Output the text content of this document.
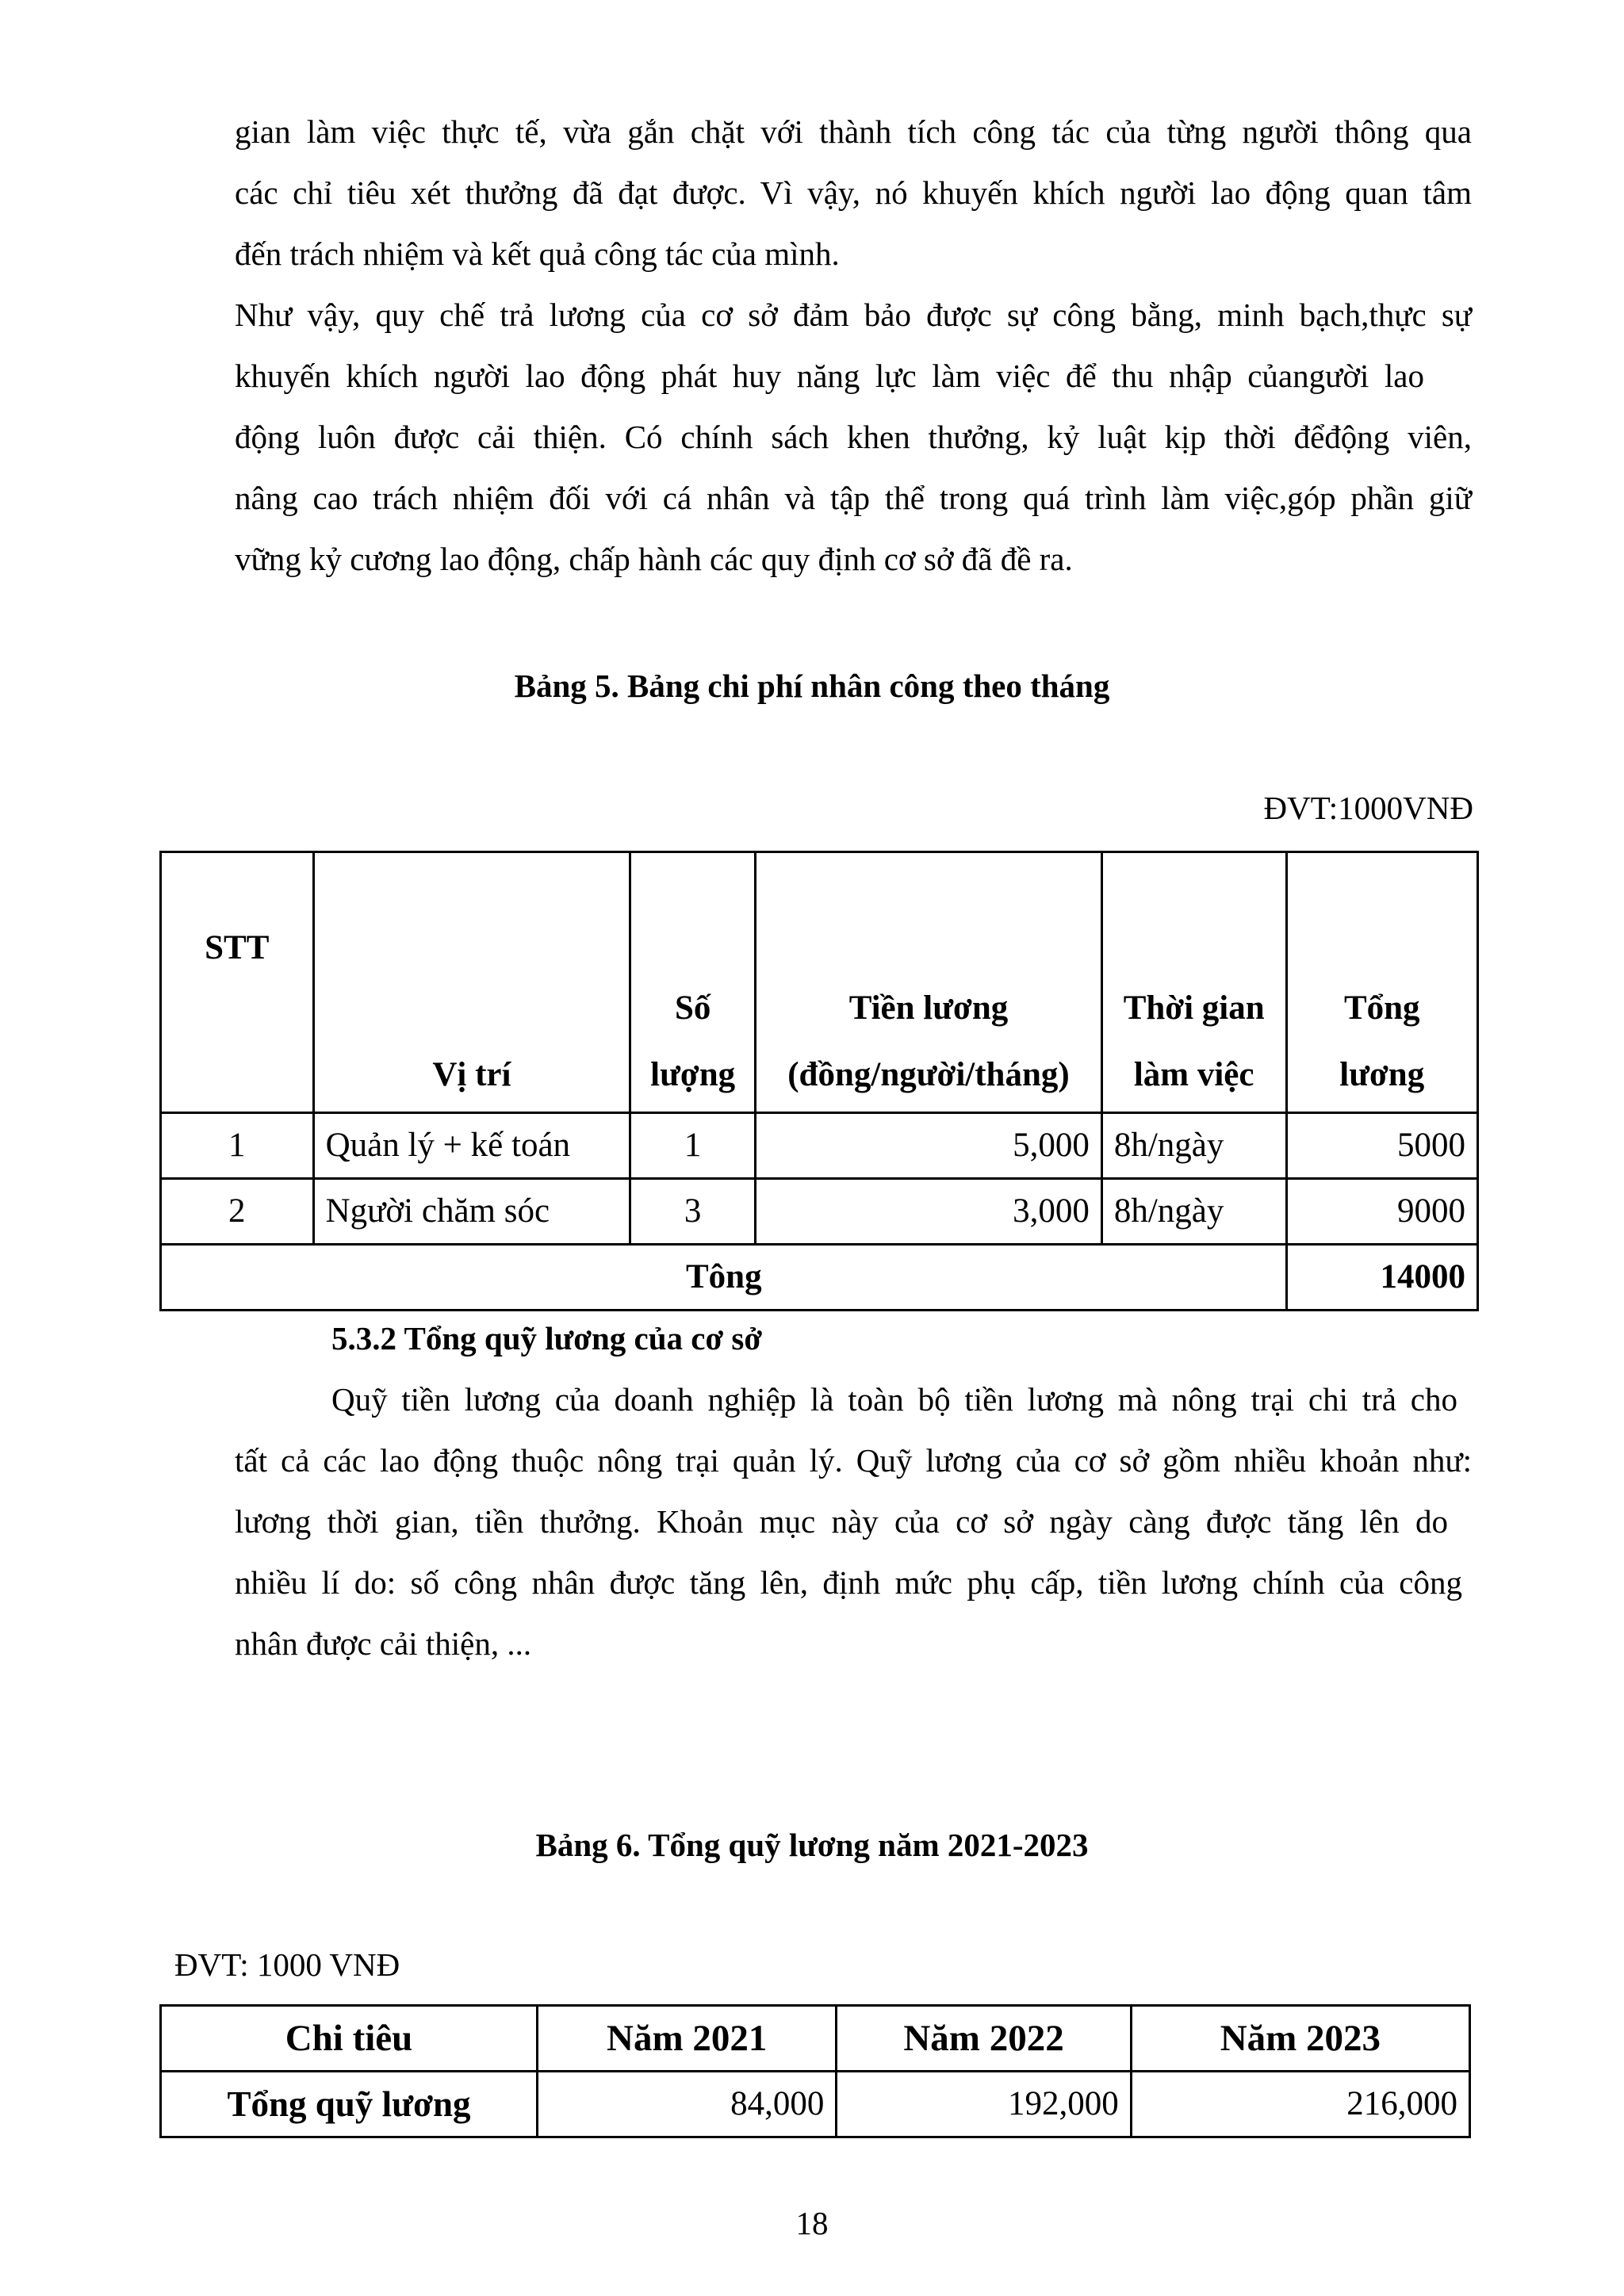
gian làm việc thực tế, vừa gắn chặt với thành tích công tác của từng người thông qua
các chỉ tiêu xét thưởng đã đạt được. Vì vậy, nó khuyến khích người lao động quan tâm
đến trách nhiệm và kết quả công tác của mình.
Như vậy, quy chế trả lương của cơ sở đảm bảo được sự công bằng, minh bạch,thực sự
khuyến khích người lao động phát huy năng lực làm việc để thu nhập củangười lao
động luôn được cải thiện. Có chính sách khen thưởng, kỷ luật kịp thời đểđộng viên,
nâng cao trách nhiệm đối với cá nhân và tập thể trong quá trình làm việc,góp phần giữ
vững kỷ cương lao động, chấp hành các quy định cơ sở đã đề ra.
Bảng 5. Bảng chi phí nhân công theo tháng
ĐVT:1000VNĐ
STT	Vị trí	Số lượng	Tiền lương (đồng/người/tháng)	Thời gian làm việc	Tổng lương
1	Quản lý + kế toán	1	5,000	8h/ngày	5000
2	Người chăm sóc	3	3,000	8h/ngày	9000
Tông					14000
5.3.2 Tổng quỹ lương của cơ sở
Quỹ tiền lương của doanh nghiệp là toàn bộ tiền lương mà nông trại chi trả cho
tất cả các lao động thuộc nông trại quản lý. Quỹ lương của cơ sở gồm nhiều khoản như:
lương thời gian, tiền thưởng. Khoản mục này của cơ sở ngày càng được tăng lên do
nhiều lí do: số công nhân được tăng lên, định mức phụ cấp, tiền lương chính của công
nhân được cải thiện, ...
Bảng 6. Tổng quỹ lương năm 2021-2023
ĐVT: 1000 VNĐ
Chi tiêu	Năm 2021	Năm 2022	Năm 2023
Tổng quỹ lương	84,000	192,000	216,000
18
